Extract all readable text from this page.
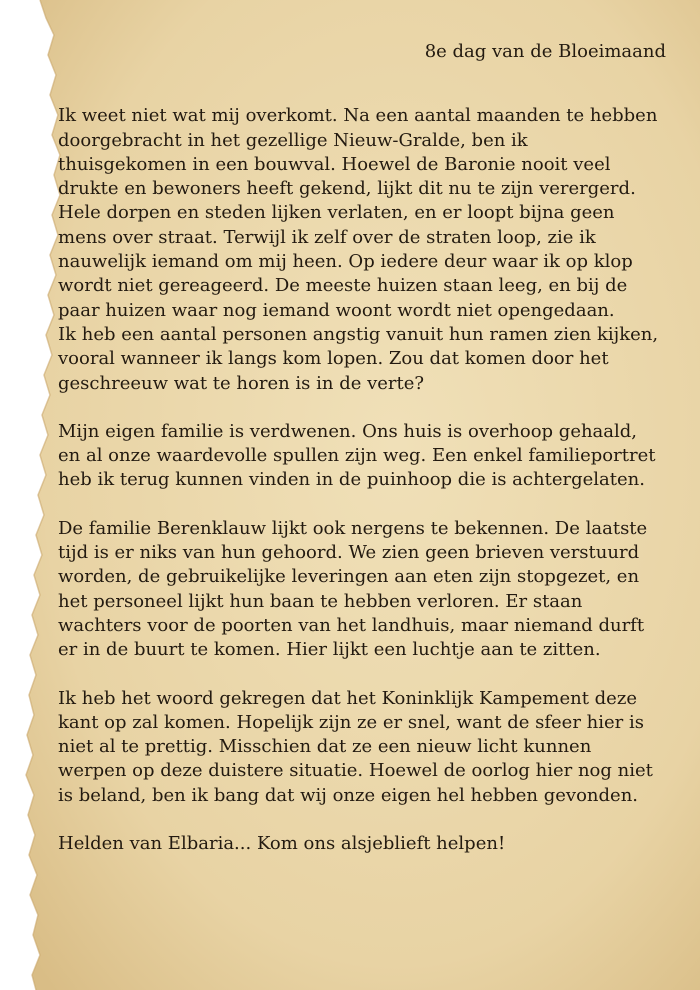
8e dag van de Bloeimaand

Ik weet niet wat mij overkomt. Na een aantal maanden te hebben
doorgebracht in het gezellige Nieuw-Gralde, ben ik
thuisgekomen in een bouwval. Hoewel de Baronie nooit veel
drukte en bewoners heeft gekend, lijkt dit nu te zijn verergerd.
Hele dorpen en steden lijken verlaten, en er loopt bijna geen
mens over straat. Terwijl ik zelf over de straten loop, zie ik
nauwelijk iemand om mij heen. Op iedere deur waar ik op klop
wordt niet gereageerd. De meeste huizen staan leeg, en bij de
paar huizen waar nog iemand woont wordt niet opengedaan.
Ik heb een aantal personen angstig vanuit hun ramen zien kijken,
vooral wanneer ik langs kom lopen. Zou dat komen door het
geschreeuw wat te horen is in de verte?

Mijn eigen familie is verdwenen. Ons huis is overhoop gehaald,
en al onze waardevolle spullen zijn weg. Een enkel familieportret
heb ik terug kunnen vinden in de puinhoop die is achtergelaten.

De familie Berenklauw lijkt ook nergens te bekennen. De laatste
tijd is er niks van hun gehoord. We zien geen brieven verstuurd
worden, de gebruikelijke leveringen aan eten zijn stopgezet, en
het personeel lijkt hun baan te hebben verloren. Er staan
wachters voor de poorten van het landhuis, maar niemand durft
er in de buurt te komen. Hier lijkt een luchtje aan te zitten.

Ik heb het woord gekregen dat het Koninklijk Kampement deze
kant op zal komen. Hopelijk zijn ze er snel, want de sfeer hier is
niet al te prettig. Misschien dat ze een nieuw licht kunnen
werpen op deze duistere situatie. Hoewel de oorlog hier nog niet
is beland, ben ik bang dat wij onze eigen hel hebben gevonden.

Helden van Elbaria... Kom ons alsjeblieft helpen!
